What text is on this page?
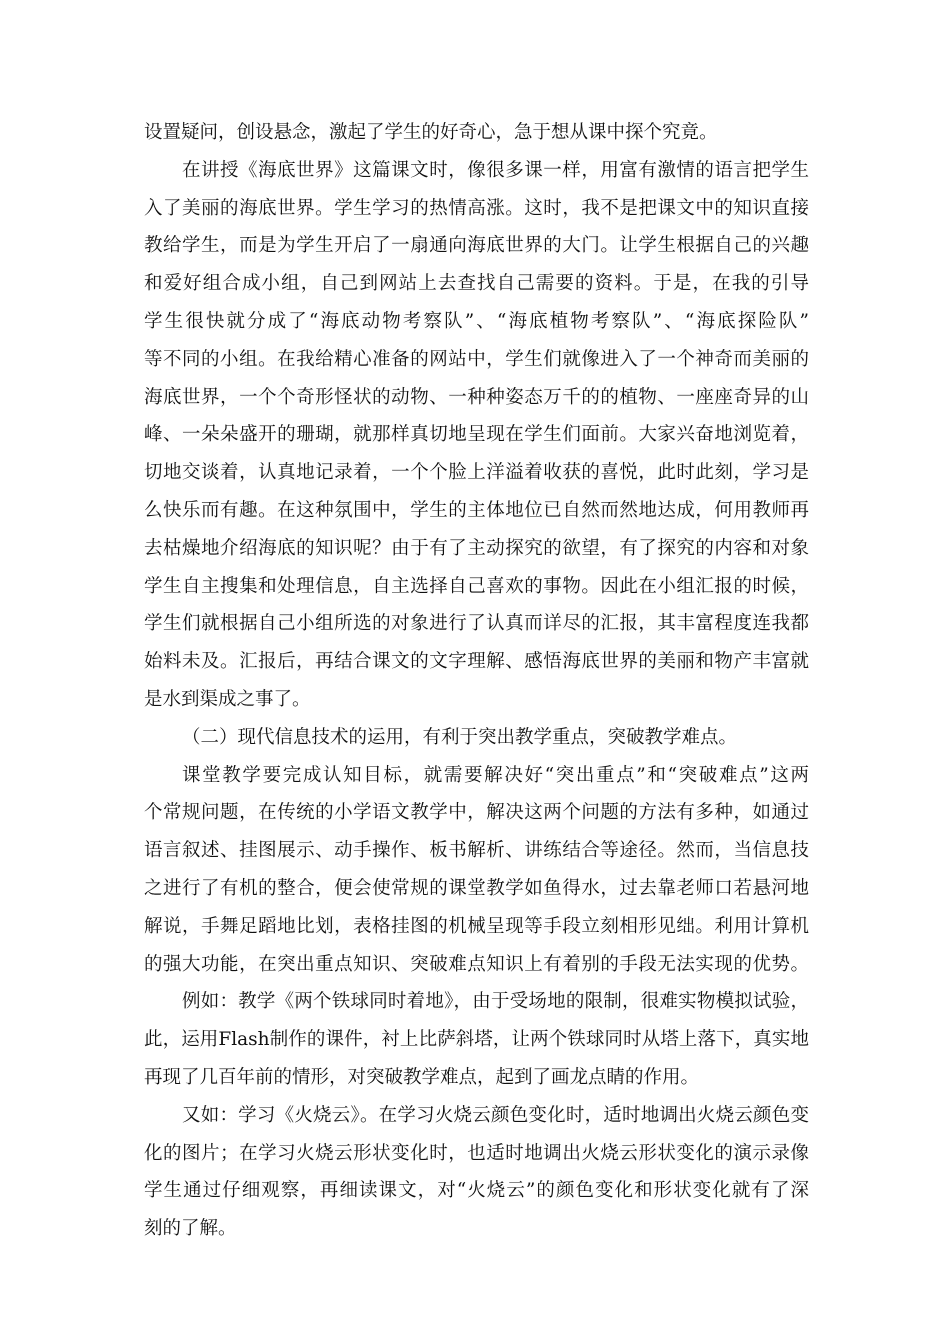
设置疑问，创设悬念，激起了学生的好奇心，急于想从课中探个究竟。
在讲授《海底世界》这篇课文时，像很多课一样，用富有激情的语言把学生
入了美丽的海底世界。学生学习的热情高涨。这时，我不是把课文中的知识直接
教给学生，而是为学生开启了一扇通向海底世界的大门。让学生根据自己的兴趣
和爱好组合成小组，自己到网站上去查找自己需要的资料。于是，在我的引导
学生很快就分成了“海底动物考察队”、“海底植物考察队”、“海底探险队”
等不同的小组。在我给精心准备的网站中，学生们就像进入了一个神奇而美丽的
海底世界，一个个奇形怪状的动物、一种种姿态万千的的植物、一座座奇异的山
峰、一朵朵盛开的珊瑚，就那样真切地呈现在学生们面前。大家兴奋地浏览着，
切地交谈着，认真地记录着，一个个脸上洋溢着收获的喜悦，此时此刻，学习是
么快乐而有趣。在这种氛围中，学生的主体地位已自然而然地达成，何用教师再
去枯燥地介绍海底的知识呢？由于有了主动探究的欲望，有了探究的内容和对象
学生自主搜集和处理信息，自主选择自己喜欢的事物。因此在小组汇报的时候，
学生们就根据自己小组所选的对象进行了认真而详尽的汇报，其丰富程度连我都
始料未及。汇报后，再结合课文的文字理解、感悟海底世界的美丽和物产丰富就
是水到渠成之事了。
（二）现代信息技术的运用，有利于突出教学重点，突破教学难点。
课堂教学要完成认知目标，就需要解决好“突出重点”和“突破难点”这两
个常规问题，在传统的小学语文教学中，解决这两个问题的方法有多种，如通过
语言叙述、挂图展示、动手操作、板书解析、讲练结合等途径。然而，当信息技
之进行了有机的整合，便会使常规的课堂教学如鱼得水，过去靠老师口若悬河地
解说，手舞足蹈地比划，表格挂图的机械呈现等手段立刻相形见绌。利用计算机
的强大功能，在突出重点知识、突破难点知识上有着别的手段无法实现的优势。
例如：教学《两个铁球同时着地》，由于受场地的限制，很难实物模拟试验，
此，运用Flash制作的课件，衬上比萨斜塔，让两个铁球同时从塔上落下，真实地
再现了几百年前的情形，对突破教学难点，起到了画龙点睛的作用。
又如：学习《火烧云》。在学习火烧云颜色变化时，适时地调出火烧云颜色变
化的图片；在学习火烧云形状变化时，也适时地调出火烧云形状变化的演示录像
学生通过仔细观察，再细读课文，对“火烧云”的颜色变化和形状变化就有了深
刻的了解。
